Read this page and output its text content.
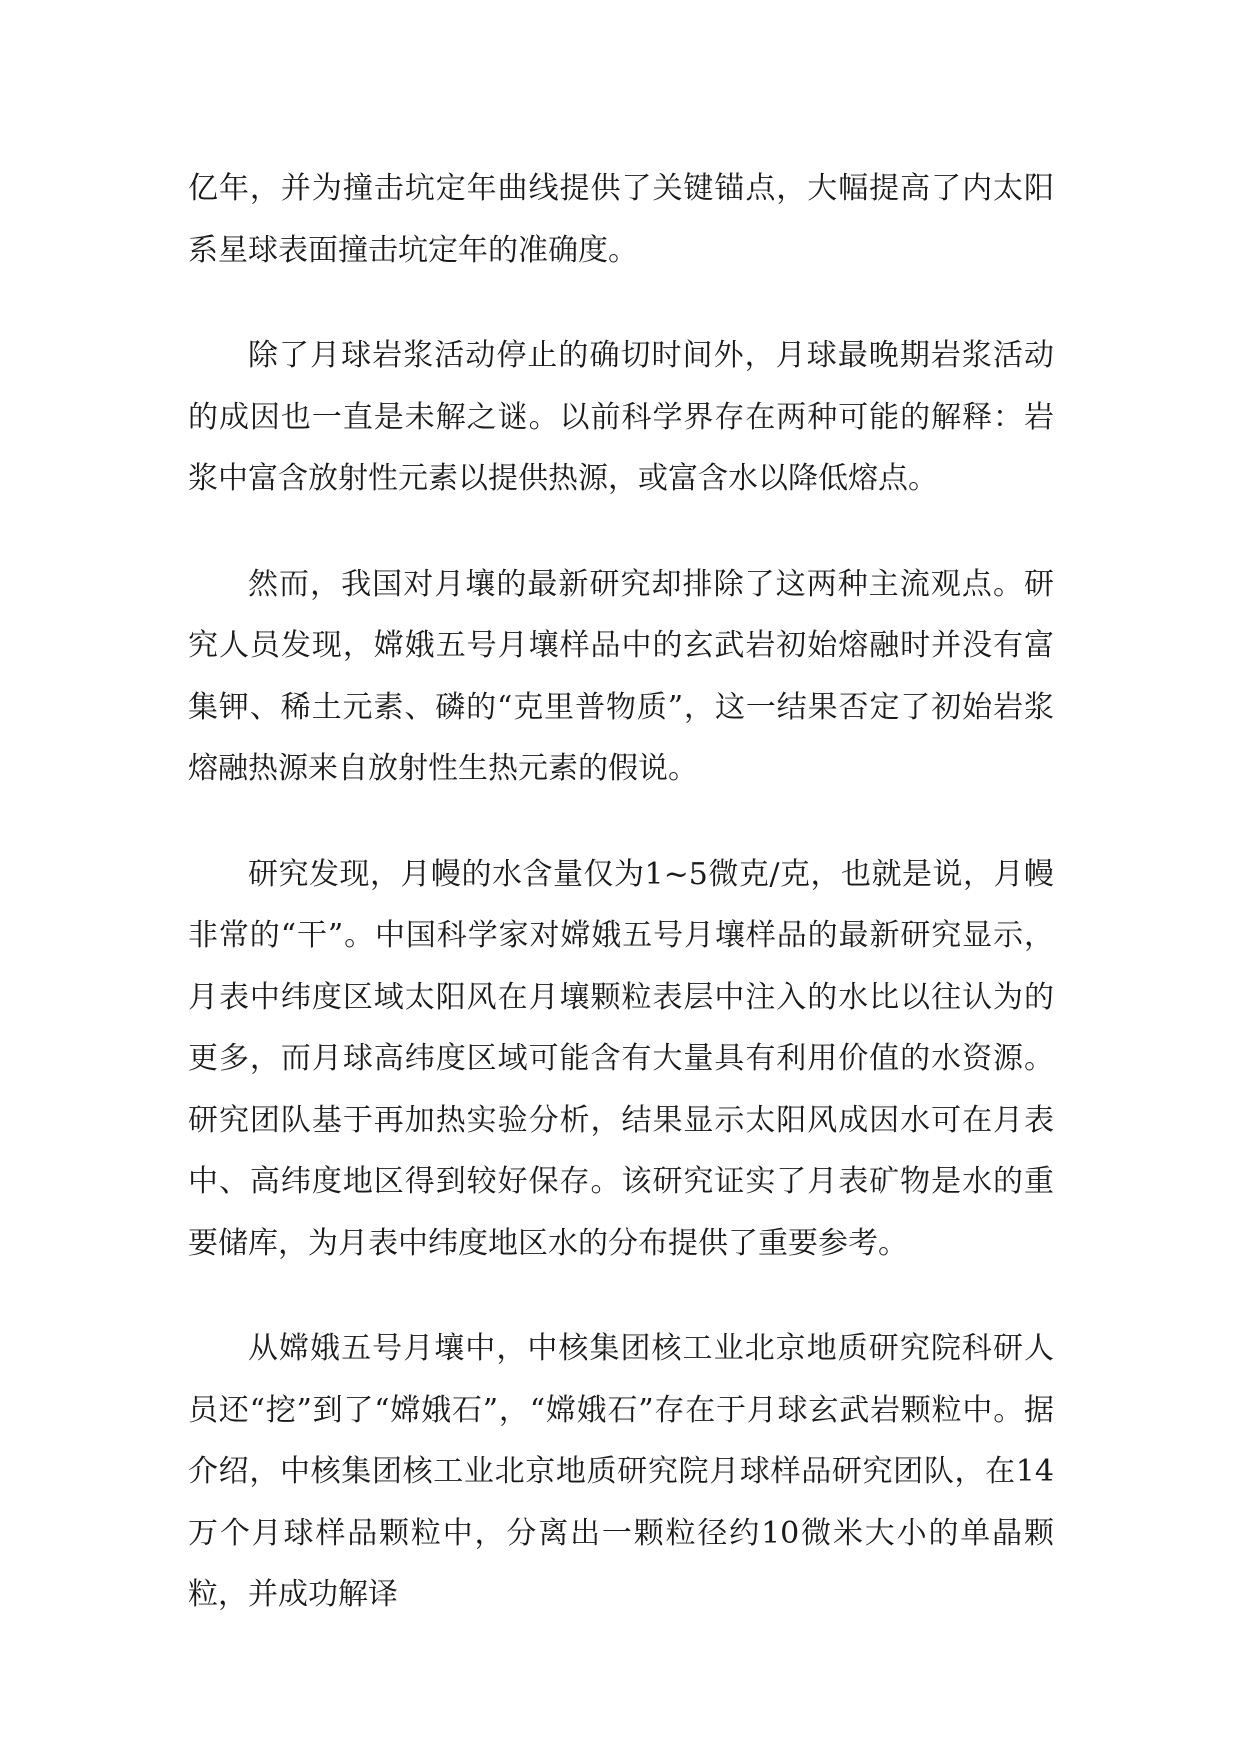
亿年，并为撞击坑定年曲线提供了关键锚点，大幅提高了内太阳系星球表面撞击坑定年的准确度。

除了月球岩浆活动停止的确切时间外，月球最晚期岩浆活动的成因也一直是未解之谜。以前科学界存在两种可能的解释：岩浆中富含放射性元素以提供热源，或富含水以降低熔点。

然而，我国对月壤的最新研究却排除了这两种主流观点。研究人员发现，嫦娥五号月壤样品中的玄武岩初始熔融时并没有富集钾、稀土元素、磷的“克里普物质”，这一结果否定了初始岩浆熔融热源来自放射性生热元素的假说。

研究发现，月幔的水含量仅为1~5微克/克，也就是说，月幔非常的“干”。中国科学家对嫦娥五号月壤样品的最新研究显示，月表中纬度区域太阳风在月壤颗粒表层中注入的水比以往认为的更多，而月球高纬度区域可能含有大量具有利用价值的水资源。研究团队基于再加热实验分析，结果显示太阳风成因水可在月表中、高纬度地区得到较好保存。该研究证实了月表矿物是水的重要储库，为月表中纬度地区水的分布提供了重要参考。

从嫦娥五号月壤中，中核集团核工业北京地质研究院科研人员还“挖”到了“嫦娥石”，“嫦娥石”存在于月球玄武岩颗粒中。据介绍，中核集团核工业北京地质研究院月球样品研究团队，在14万个月球样品颗粒中，分离出一颗粒径约10微米大小的单晶颗粒，并成功解译
